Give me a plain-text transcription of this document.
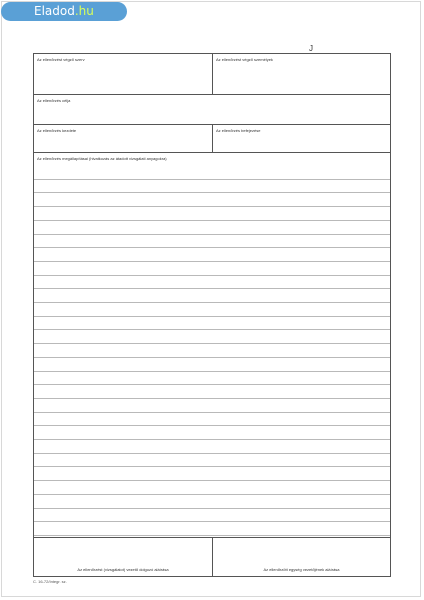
Eladod.hu
J
Az ellenőrzést végző szerv	Az ellenőrzést végző személyek
Az ellenőrzés célja
Az ellenőrzés kezdete	Az ellenőrzés befejezése
Az ellenőrzés megállapításai (hivatkozás az átadott vizsgálati anyagokra)
Az ellenőrzést (vizsgálatot) vezető dolgozó aláírása	Az ellenőrzött egység vezetőjének aláírása
C. 16-72/Integr. sz.
